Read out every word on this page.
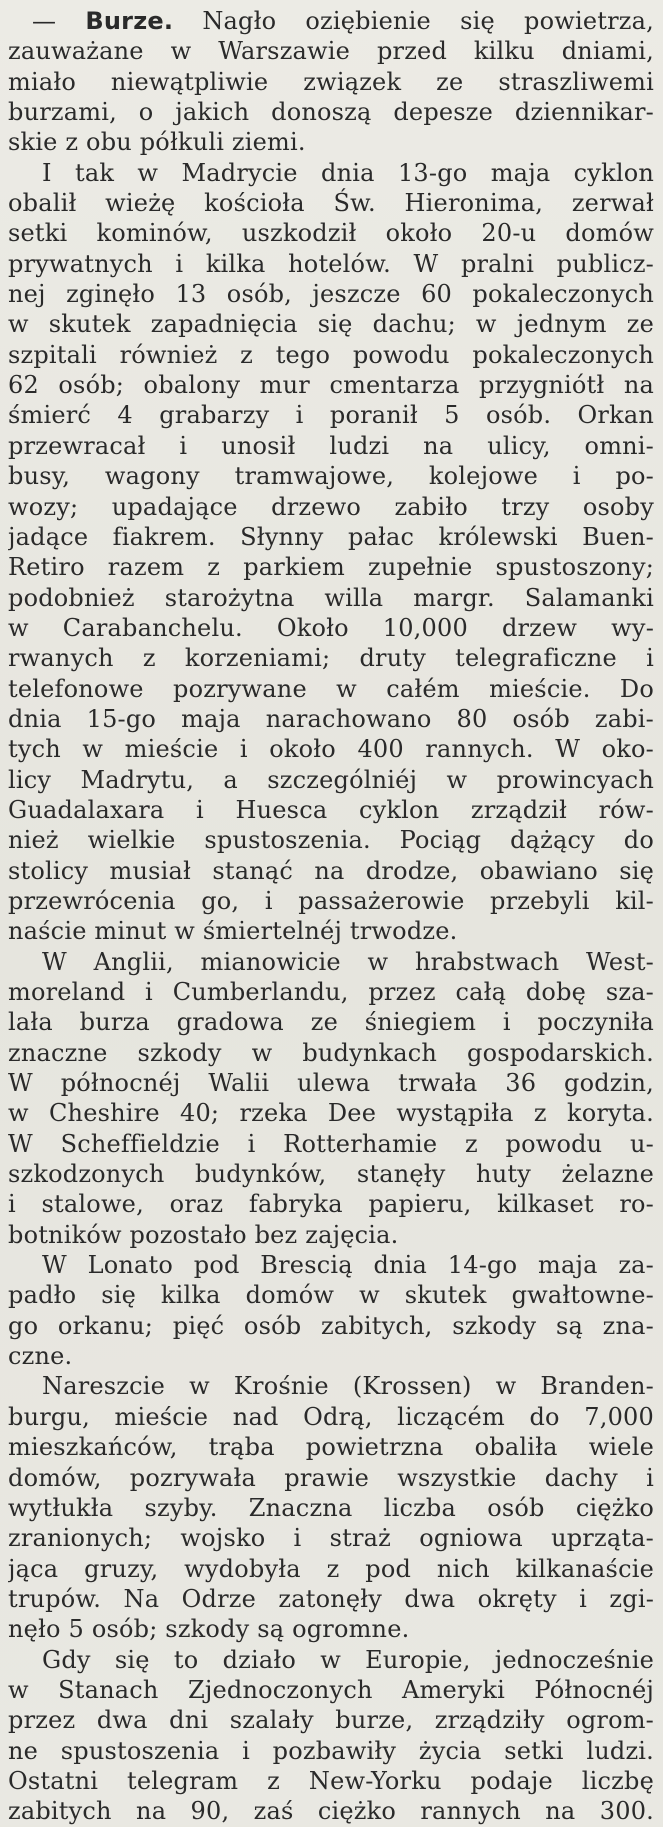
— Burze. Nagło oziębienie się powietrza,
zauważane w Warszawie przed kilku dniami,
miało niewątpliwie związek ze straszliwemi
burzami, o jakich donoszą depesze dziennikar-
skie z obu półkuli ziemi.
I tak w Madrycie dnia 13-go maja cyklon
obalił wieżę kościoła Św. Hieronima, zerwał
setki kominów, uszkodził około 20-u domów
prywatnych i kilka hotelów. W pralni publicz-
nej zginęło 13 osób, jeszcze 60 pokaleczonych
w skutek zapadnięcia się dachu; w jednym ze
szpitali również z tego powodu pokaleczonych
62 osób; obalony mur cmentarza przygniótł na
śmierć 4 grabarzy i poranił 5 osób. Orkan
przewracał i unosił ludzi na ulicy, omni-
busy, wagony tramwajowe, kolejowe i po-
wozy; upadające drzewo zabiło trzy osoby
jadące fiakrem. Słynny pałac królewski Buen-
Retiro razem z parkiem zupełnie spustoszony;
podobnież starożytna willa margr. Salamanki
w Carabanchelu. Około 10,000 drzew wy-
rwanych z korzeniami; druty telegraficzne i
telefonowe pozrywane w całém mieście. Do
dnia 15-go maja narachowano 80 osób zabi-
tych w mieście i około 400 rannych. W oko-
licy Madrytu, a szczególniéj w prowincyach
Guadalaxara i Huesca cyklon zrządził rów-
nież wielkie spustoszenia. Pociąg dążący do
stolicy musiał stanąć na drodze, obawiano się
przewrócenia go, i passażerowie przebyli kil-
naście minut w śmiertelnéj trwodze.
W Anglii, mianowicie w hrabstwach West-
moreland i Cumberlandu, przez całą dobę sza-
lała burza gradowa ze śniegiem i poczyniła
znaczne szkody w budynkach gospodarskich.
W północnéj Walii ulewa trwała 36 godzin,
w Cheshire 40; rzeka Dee wystąpiła z koryta.
W Scheffieldzie i Rotterhamie z powodu u-
szkodzonych budynków, stanęły huty żelazne
i stalowe, oraz fabryka papieru, kilkaset ro-
botników pozostało bez zajęcia.
W Lonato pod Brescią dnia 14-go maja za-
padło się kilka domów w skutek gwałtowne-
go orkanu; pięć osób zabitych, szkody są zna-
czne.
Nareszcie w Krośnie (Krossen) w Branden-
burgu, mieście nad Odrą, liczącém do 7,000
mieszkańców, trąba powietrzna obaliła wiele
domów, pozrywała prawie wszystkie dachy i
wytłukła szyby. Znaczna liczba osób ciężko
zranionych; wojsko i straż ogniowa uprząta-
jąca gruzy, wydobyła z pod nich kilkanaście
trupów. Na Odrze zatonęły dwa okręty i zgi-
nęło 5 osób; szkody są ogromne.
Gdy się to działo w Europie, jednocześnie
w Stanach Zjednoczonych Ameryki Północnéj
przez dwa dni szalały burze, zrządziły ogrom-
ne spustoszenia i pozbawiły życia setki ludzi.
Ostatni telegram z New-Yorku podaje liczbę
zabitych na 90, zaś ciężko rannych na 300.
